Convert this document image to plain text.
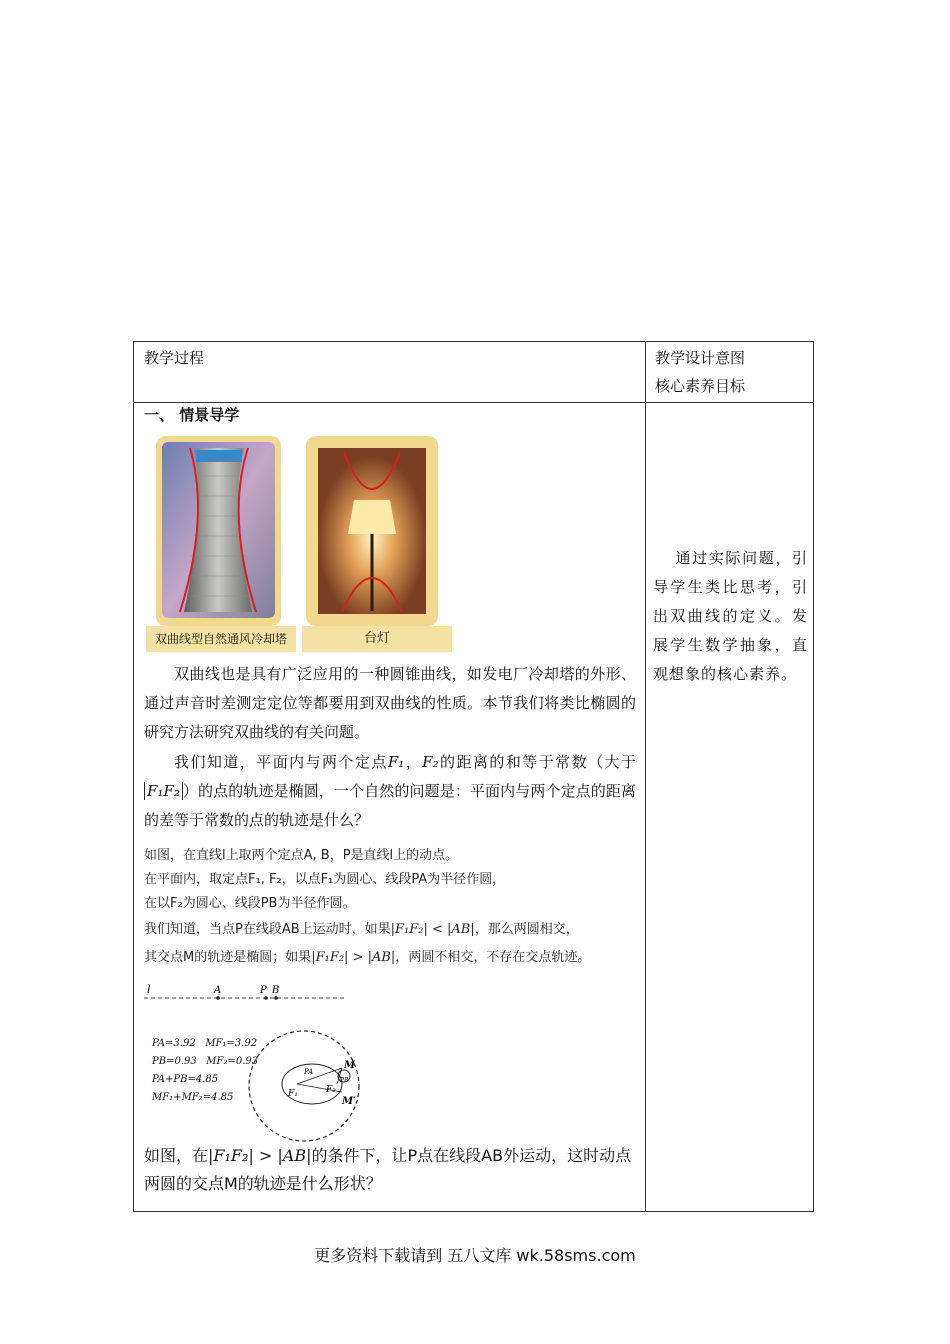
教学过程	教学设计意图
核心素养目标
一、 情景导学
双曲线型自然通风冷却塔	台灯
双曲线也是具有广泛应用的一种圆锥曲线，如发电厂冷却塔的外形、通过声音时差测定定位等都要用到双曲线的性质。本节我们将类比椭圆的研究方法研究双曲线的有关问题。
我们知道，平面内与两个定点F₁，F₂的距离的和等于常数（大于F₁F₂ ）的点的轨迹是椭圆，一个自然的问题是：平面内与两个定点的距离的差等于常数的点的轨迹是什么？
如图，在直线l上取两个定点A, B，P是直线l上的动点。
在平面内，取定点F₁, F₂，以点F₁为圆心、线段PA为半径作圆，
在以F₂为圆心、线段PB为半径作圆。
我们知道，当点P在线段AB上运动时，如果|F₁F₂| < |AB|，那么两圆相交，
其交点M的轨迹是椭圆；如果|F₁F₂| > |AB|，两圆不相交，不存在交点轨迹。
l	A	P B
PA=3.92 MF₁=3.92
PB=0.93 MF₂=0.93
PA+PB=4.85
MF₁+MF₂=4.85
M
M′
F₁	F₂
PA
PB
如图，在|F₁F₂| > |AB|的条件下，让P点在线段AB外运动，这时动点
两圆的交点M的轨迹是什么形状？
通过实际问题，引导学生类比思考，引出双曲线的定义。发展学生数学抽象，直观想象的核心素养。
更多资料下载请到 五八文库 wk.58sms.com
